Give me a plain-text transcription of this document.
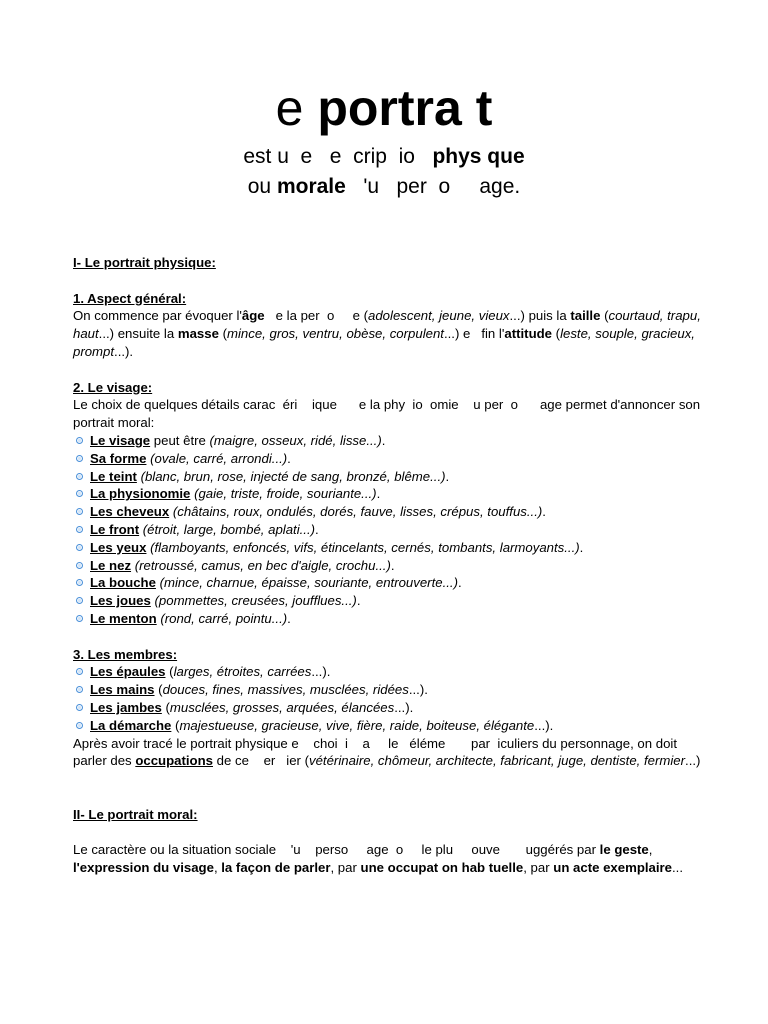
e portra t
est u  e   e  crip  io   phys que
ou morale   'u   per  o     age.

I- Le portrait physique:

1. Aspect général:

On commence par évoquer l'âge   e la per  o     e (adolescent, jeune, vieux...) puis la taille (courtaud, trapu, haut...) ensuite la masse (mince, gros, ventru, obèse, corpulent...) e   fin l'attitude (leste, souple, gracieux, prompt...).

2. Le visage:

Le choix de quelques détails carac  éri    ique      e la phy  io  omie    u per  o      age permet d'annoncer son portrait moral:

Le visage peut être (maigre, osseux, ridé, lisse...).
Sa forme (ovale, carré, arrondi...).
Le teint (blanc, brun, rose, injecté de sang, bronzé, blême...).
La physionomie (gaie, triste, froide, souriante...).
Les cheveux (châtains, roux, ondulés, dorés, fauve, lisses, crépus, touffus...).
Le front (étroit, large, bombé, aplati...).
Les yeux (flamboyants, enfoncés, vifs, étincelants, cernés, tombants, larmoyants...).
Le nez (retroussé, camus, en bec d'aigle, crochu...).
La bouche (mince, charnue, épaisse, souriante, entrouverte...).
Les joues (pommettes, creusées, joufflues...).
Le menton (rond, carré, pointu...).

3. Les membres:

Les épaules (larges, étroites, carrées...).
Les mains (douces, fines, massives, musclées, ridées...).
Les jambes (musclées, grosses, arquées, élancées...).
La démarche (majestueuse, gracieuse, vive, fière, raide, boiteuse, élégante...).

Après avoir tracé le portrait physique e    choi  i    a     le   éléme       par  iculiers du personnage, on doit parler des occupations de ce    er   ier (vétérinaire, chômeur, architecte, fabricant, juge, dentiste, fermier...)

II- Le portrait moral:

Le caractère ou la situation sociale    'u    perso     age  o     le plu     ouve       uggérés par le geste, l'expression du visage, la façon de parler, par une occupat on hab tuelle, par un acte exemplaire...
